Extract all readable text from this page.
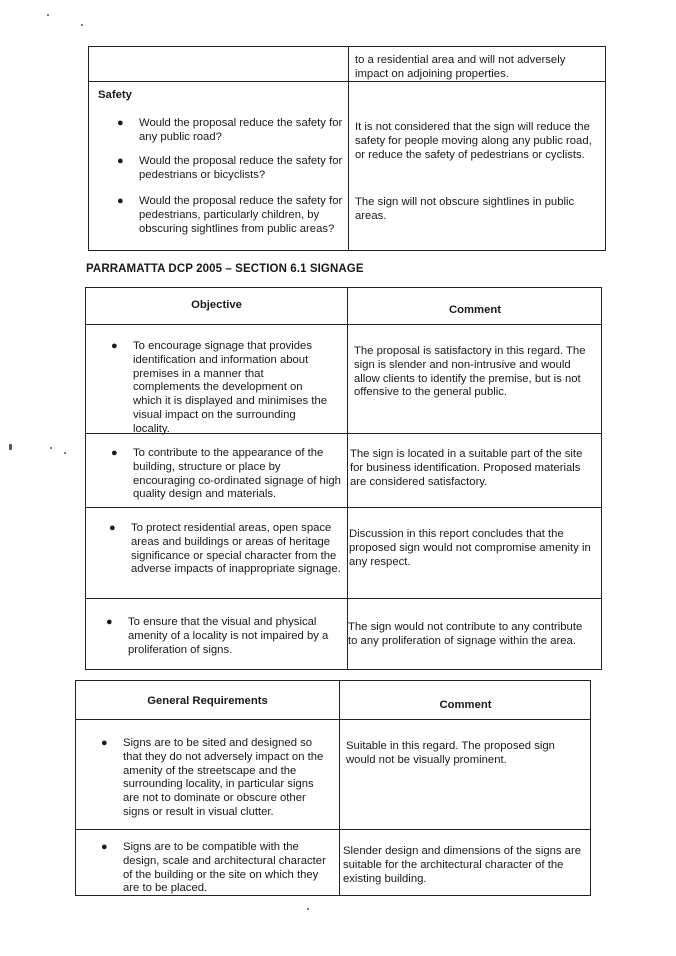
to a residential area and will not adversely impact on adjoining properties.
Safety
● Would the proposal reduce the safety for any public road?
● Would the proposal reduce the safety for pedestrians or bicyclists?
● Would the proposal reduce the safety for pedestrians, particularly children, by obscuring sightlines from public areas?
It is not considered that the sign will reduce the safety for people moving along any public road, or reduce the safety of pedestrians or cyclists.
The sign will not obscure sightlines in public areas.
PARRAMATTA DCP 2005 – SECTION 6.1 SIGNAGE
Objective	Comment
● To encourage signage that provides identification and information about premises in a manner that complements the development on which it is displayed and minimises the visual impact on the surrounding locality.
The proposal is satisfactory in this regard. The sign is slender and non-intrusive and would allow clients to identify the premise, but is not offensive to the general public.
● To contribute to the appearance of the building, structure or place by encouraging co-ordinated signage of high quality design and materials.
The sign is located in a suitable part of the site for business identification. Proposed materials are considered satisfactory.
● To protect residential areas, open space areas and buildings or areas of heritage significance or special character from the adverse impacts of inappropriate signage.
Discussion in this report concludes that the proposed sign would not compromise amenity in any respect.
● To ensure that the visual and physical amenity of a locality is not impaired by a proliferation of signs.
The sign would not contribute to any contribute to any proliferation of signage within the area.
General Requirements	Comment
● Signs are to be sited and designed so that they do not adversely impact on the amenity of the streetscape and the surrounding locality, in particular signs are not to dominate or obscure other signs or result in visual clutter.
Suitable in this regard. The proposed sign would not be visually prominent.
● Signs are to be compatible with the design, scale and architectural character of the building or the site on which they are to be placed.
Slender design and dimensions of the signs are suitable for the architectural character of the existing building.
